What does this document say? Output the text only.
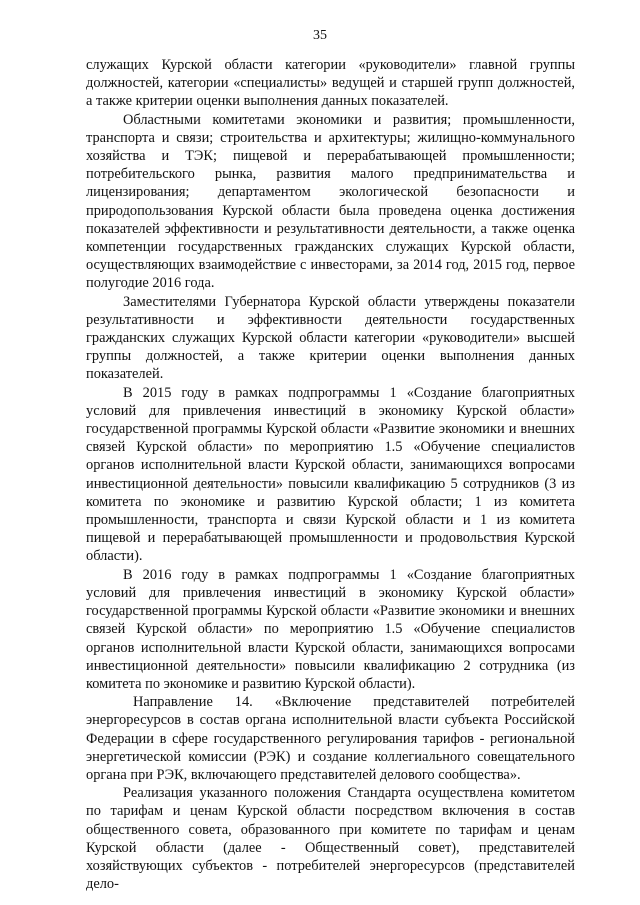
35

служащих Курской области категории «руководители» главной группы должностей, категории «специалисты» ведущей и старшей групп должностей, а также критерии оценки выполнения данных показателей.

Областными комитетами экономики и развития; промышленности, транспорта и связи; строительства и архитектуры; жилищно-коммунального хозяйства и ТЭК; пищевой и перерабатывающей промышленности; потребительского рынка, развития малого предпринимательства и лицензирования; департаментом экологической безопасности и природопользования Курской области была проведена оценка достижения показателей эффективности и результативности деятельности, а также оценка компетенции государственных гражданских служащих Курской области, осуществляющих взаимодействие с инвесторами, за 2014 год, 2015 год, первое полугодие 2016 года.

Заместителями Губернатора Курской области утверждены показатели результативности и эффективности деятельности государственных гражданских служащих Курской области категории «руководители» высшей группы должностей, а также критерии оценки выполнения данных показателей.

В 2015 году в рамках подпрограммы 1 «Создание благоприятных условий для привлечения инвестиций в экономику Курской области» государственной программы Курской области «Развитие экономики и внешних связей Курской области» по мероприятию 1.5 «Обучение специалистов органов исполнительной власти Курской области, занимающихся вопросами инвестиционной деятельности» повысили квалификацию 5 сотрудников (3 из комитета по экономике и развитию Курской области; 1 из комитета промышленности, транспорта и связи Курской области и 1 из комитета пищевой и перерабатывающей промышленности и продовольствия Курской области).

В 2016 году в рамках подпрограммы 1 «Создание благоприятных условий для привлечения инвестиций в экономику Курской области» государственной программы Курской области «Развитие экономики и внешних связей Курской области» по мероприятию 1.5 «Обучение специалистов органов исполнительной власти Курской области, занимающихся вопросами инвестиционной деятельности» повысили квалификацию 2 сотрудника (из комитета по экономике и развитию Курской области).

Направление 14. «Включение представителей потребителей энергоресурсов в состав органа исполнительной власти субъекта Российской Федерации в сфере государственного регулирования тарифов - региональной энергетической комиссии (РЭК) и создание коллегиального совещательного органа при РЭК, включающего представителей делового сообщества».

Реализация указанного положения Стандарта осуществлена комитетом по тарифам и ценам Курской области посредством включения в состав общественного совета, образованного при комитете по тарифам и ценам Курской области (далее - Общественный совет), представителей хозяйствующих субъектов - потребителей энергоресурсов (представителей дело-
